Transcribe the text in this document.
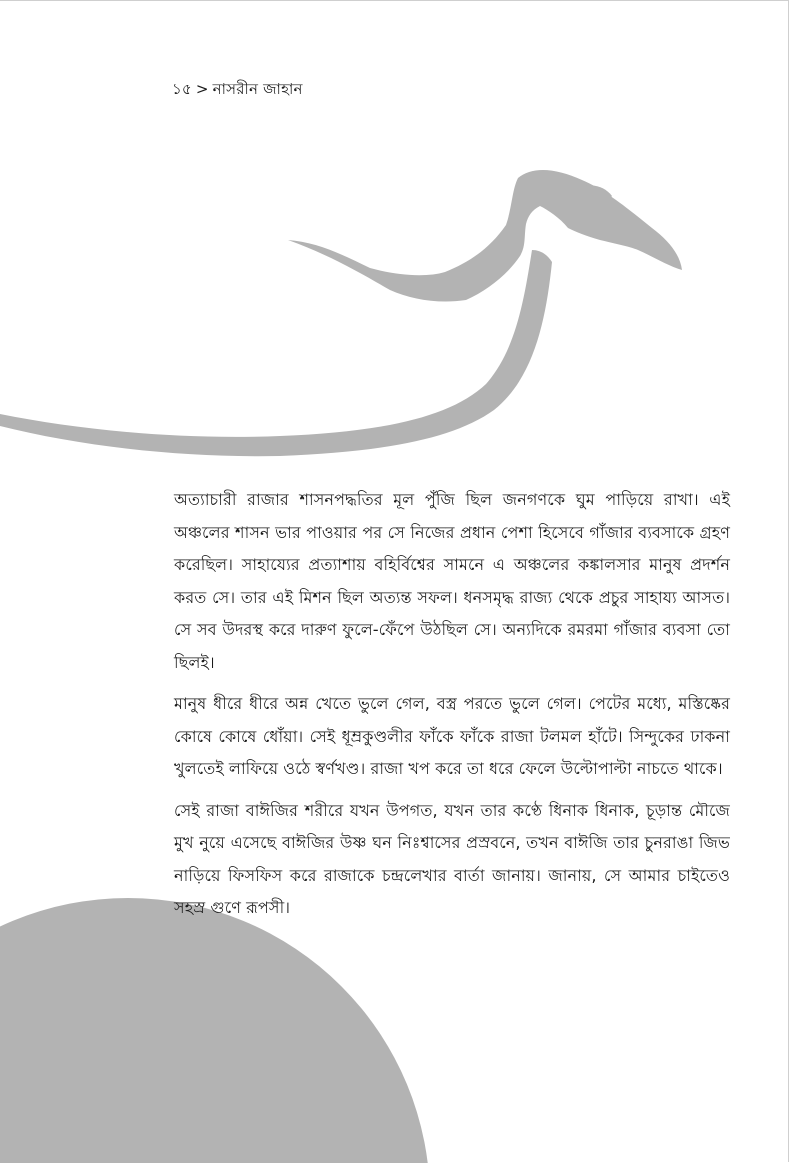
১৫ > নাসরীন জাহান

অত্যাচারী রাজার শাসনপদ্ধতির মূল পুঁজি ছিল জনগণকে ঘুম পাড়িয়ে রাখা। এই অঞ্চলের শাসন ভার পাওয়ার পর সে নিজের প্রধান পেশা হিসেবে গাঁজার ব্যবসাকে গ্রহণ করেছিল। সাহায্যের প্রত্যাশায় বহির্বিশ্বের সামনে এ অঞ্চলের কঙ্কালসার মানুষ প্রদর্শন করত সে। তার এই মিশন ছিল অত্যন্ত সফল। ধনসমৃদ্ধ রাজ্য থেকে প্রচুর সাহায্য আসত। সে সব উদরস্থ করে দারুণ ফুলে-ফেঁপে উঠছিল সে। অন্যদিকে রমরমা গাঁজার ব্যবসা তো ছিলই।

মানুষ ধীরে ধীরে অন্ন খেতে ভুলে গেল, বস্ত্র পরতে ভুলে গেল। পেটের মধ্যে, মস্তিষ্কের কোষে কোষে ধোঁয়া। সেই ধূম্রকুণ্ডলীর ফাঁকে ফাঁকে রাজা টলমল হাঁটে। সিন্দুকের ঢাকনা খুলতেই লাফিয়ে ওঠে স্বর্ণখণ্ড। রাজা খপ করে তা ধরে ফেলে উল্টোপাল্টা নাচতে থাকে।

সেই রাজা বাঈজির শরীরে যখন উপগত, যখন তার কণ্ঠে ধিনাক ধিনাক, চূড়ান্ত মৌজে মুখ নুয়ে এসেছে বাঈজির উষ্ণ ঘন নিঃশ্বাসের প্রস্রবনে, তখন বাঈজি তার চুনরাঙা জিভ নাড়িয়ে ফিসফিস করে রাজাকে চন্দ্রলেখার বার্তা জানায়। জানায়, সে আমার চাইতেও সহস্র গুণে রূপসী।
